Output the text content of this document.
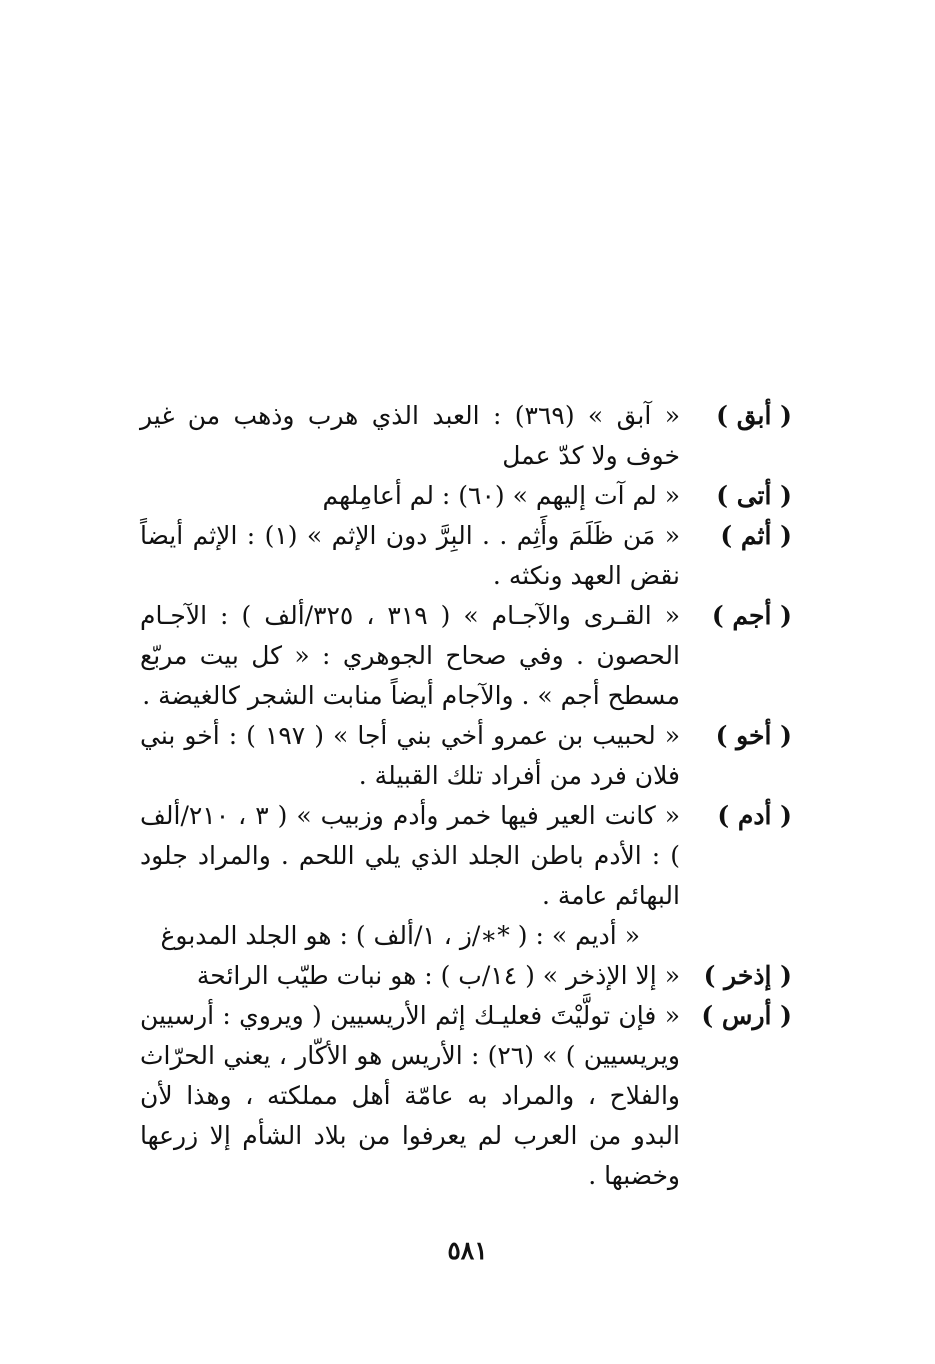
( أبق )
« آبق » (٣٦٩) : العبد الذي هرب وذهب من غير خوف ولا كدّ عمل
( أتى )
« لم آت إليهم » (٦٠) : لم أعامِلهم
( أثم )
« مَن ظَلَمَ وأَثِم . . البِرَّ دون الإثم » (١) : الإثم أيضاً نقض العهد ونكثه .
( أجم )
« القـرى والآجـام » ( ٣١٩ ، ٣٢٥/ألف ) : الآجـام الحصون . وفي صحاح الجوهري : « كل بيت مربّع مسطح أجم » . والآجام أيضاً منابت الشجر كالغيضة .
( أخو )
« لحبيب بن عمرو أخي بني أجا » ( ١٩٧ ) : أخو بني فلان فرد من أفراد تلك القبيلة .
( أدم )
« كانت العير فيها خمر وأدم وزبيب » ( ٣ ، ٢١٠/ألف ) : الأدم باطن الجلد الذي يلي اللحم . والمراد جلود البهائم عامة .
« أديم » : ( *∗/ز ، ١/ألف ) : هو الجلد المدبوغ
( إذخر )
« إلا الإذخر » ( ١٤/ب ) : هو نبات طيّب الرائحة
( أرس )
« فإن تولَّيْتَ فعليـك إثم الأريسيين ( ويروي : أرسيين ويريسيين ) » (٢٦) : الأريس هو الأكّار ، يعني الحرّاث والفلاح ، والمراد به عامّة أهل مملكته ، وهذا لأن البدو من العرب لم يعرفوا من بلاد الشأم إلا زرعها وخضبها .
٥٨١
